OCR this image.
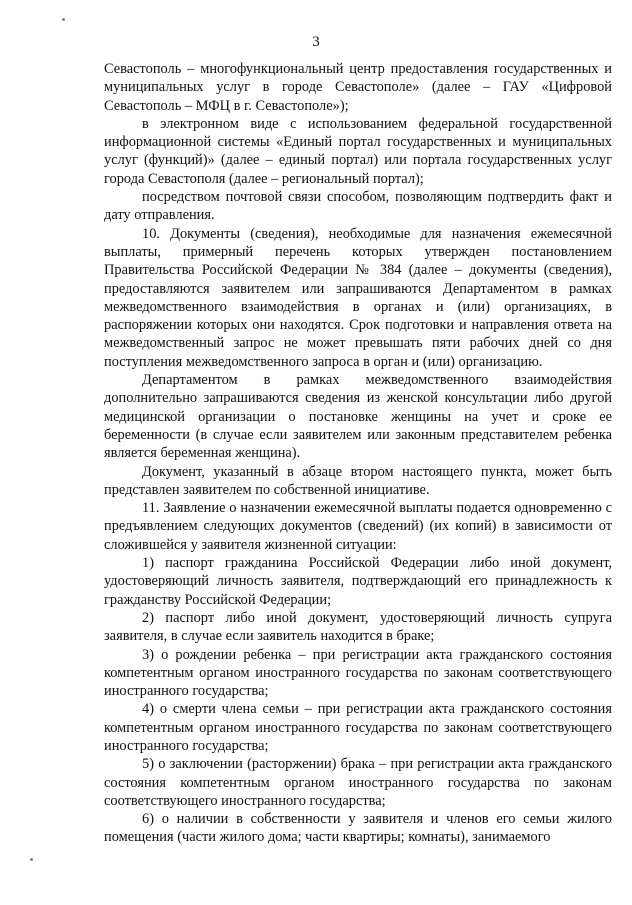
3

Севастополь – многофункциональный центр предоставления государственных и муниципальных услуг в городе Севастополе» (далее – ГАУ «Цифровой Севастополь – МФЦ в г. Севастополе»);

в электронном виде с использованием федеральной государственной информационной системы «Единый портал государственных и муниципальных услуг (функций)» (далее – единый портал) или портала государственных услуг города Севастополя (далее – региональный портал);

посредством почтовой связи способом, позволяющим подтвердить факт и дату отправления.

10. Документы (сведения), необходимые для назначения ежемесячной выплаты, примерный перечень которых утвержден постановлением Правительства Российской Федерации № 384 (далее – документы (сведения), предоставляются заявителем или запрашиваются Департаментом в рамках межведомственного взаимодействия в органах и (или) организациях, в распоряжении которых они находятся. Срок подготовки и направления ответа на межведомственный запрос не может превышать пяти рабочих дней со дня поступления межведомственного запроса в орган и (или) организацию.

Департаментом в рамках межведомственного взаимодействия дополнительно запрашиваются сведения из женской консультации либо другой медицинской организации о постановке женщины на учет и сроке ее беременности (в случае если заявителем или законным представителем ребенка является беременная женщина).

Документ, указанный в абзаце втором настоящего пункта, может быть представлен заявителем по собственной инициативе.

11. Заявление о назначении ежемесячной выплаты подается одновременно с предъявлением следующих документов (сведений) (их копий) в зависимости от сложившейся у заявителя жизненной ситуации:

1) паспорт гражданина Российской Федерации либо иной документ, удостоверяющий личность заявителя, подтверждающий его принадлежность к гражданству Российской Федерации;

2) паспорт либо иной документ, удостоверяющий личность супруга заявителя, в случае если заявитель находится в браке;

3) о рождении ребенка – при регистрации акта гражданского состояния компетентным органом иностранного государства по законам соответствующего иностранного государства;

4) о смерти члена семьи – при регистрации акта гражданского состояния компетентным органом иностранного государства по законам соответствующего иностранного государства;

5) о заключении (расторжении) брака – при регистрации акта гражданского состояния компетентным органом иностранного государства по законам соответствующего иностранного государства;

6) о наличии в собственности у заявителя и членов его семьи жилого помещения (части жилого дома; части квартиры; комнаты), занимаемого
